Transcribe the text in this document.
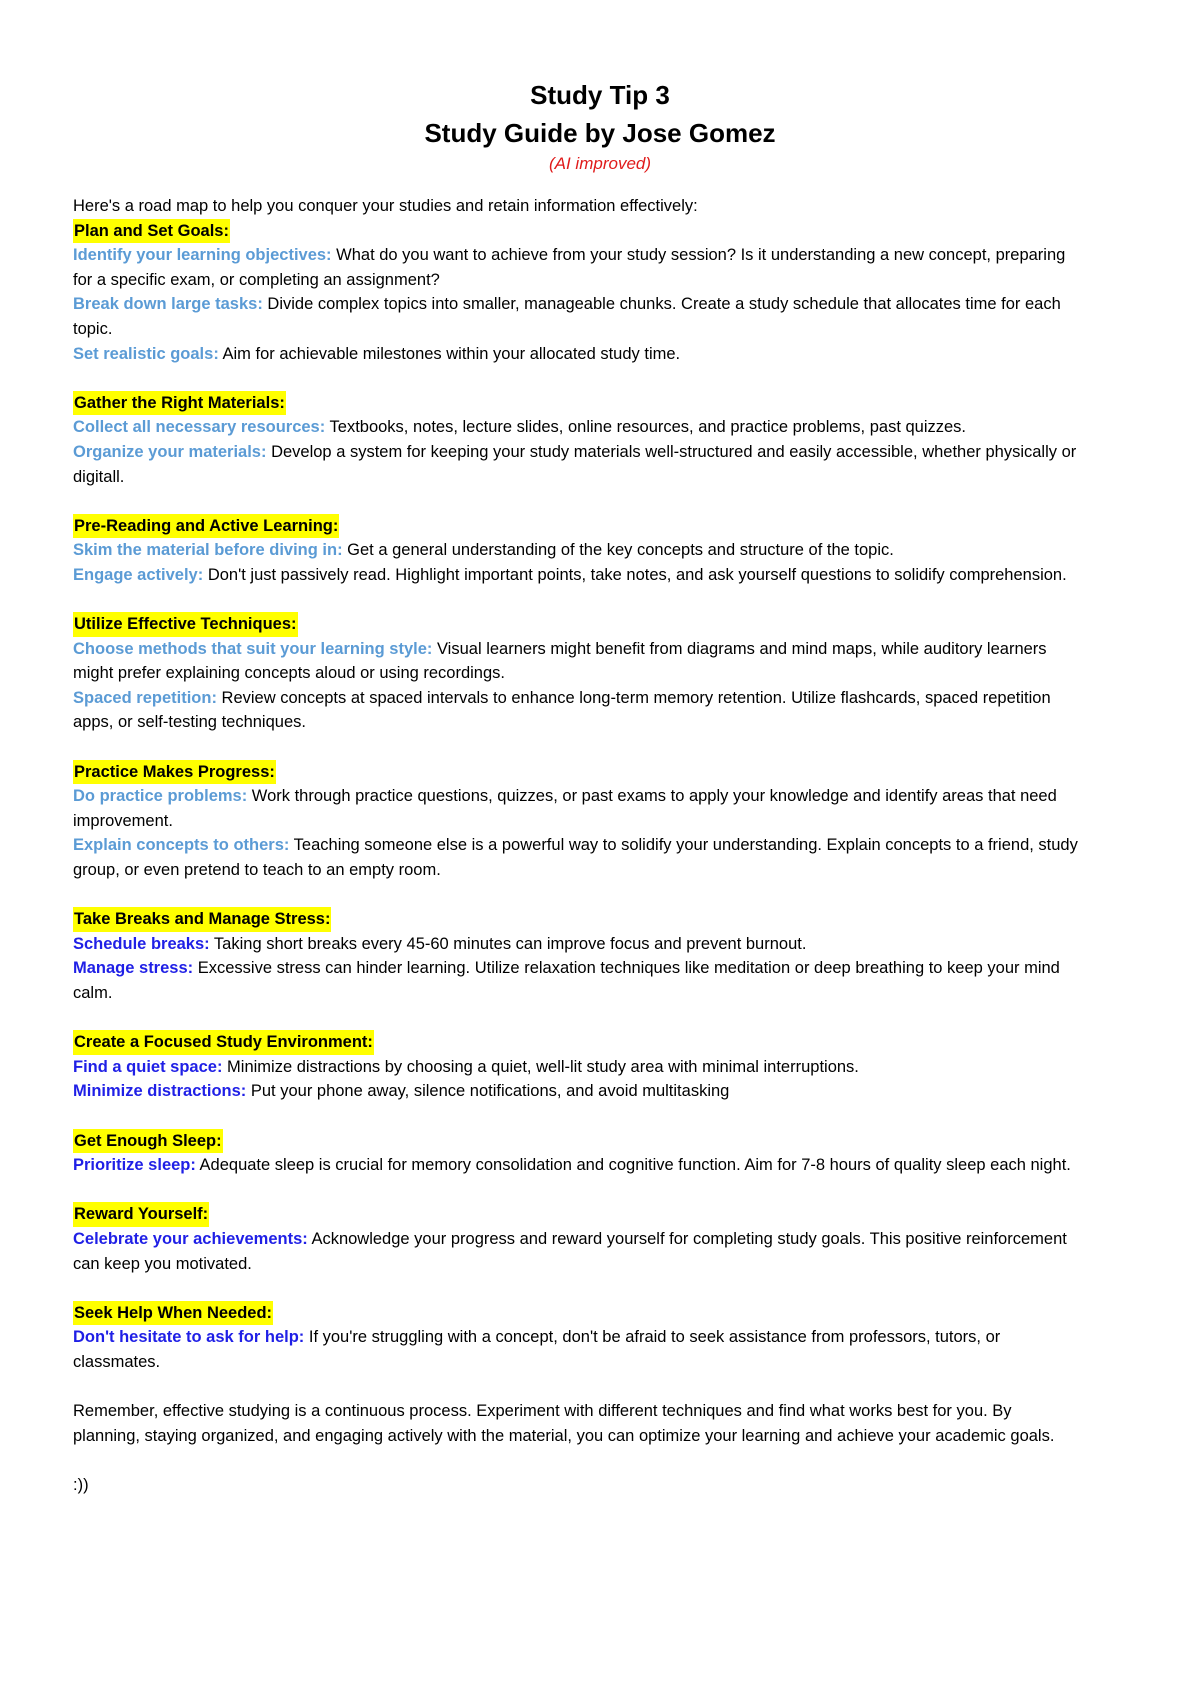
Study Tip 3

Study Guide by Jose Gomez

(AI improved)

Here's a road map to help you conquer your studies and retain information effectively:

Plan and Set Goals:

Identify your learning objectives: What do you want to achieve from your study session? Is it understanding a new concept, preparing for a specific exam, or completing an assignment?

Break down large tasks: Divide complex topics into smaller, manageable chunks. Create a study schedule that allocates time for each topic.

Set realistic goals: Aim for achievable milestones within your allocated study time.

Gather the Right Materials:

Collect all necessary resources: Textbooks, notes, lecture slides, online resources, and practice problems, past quizzes.

Organize your materials: Develop a system for keeping your study materials well-structured and easily accessible, whether physically or digitall.

Pre-Reading and Active Learning:

Skim the material before diving in: Get a general understanding of the key concepts and structure of the topic.

Engage actively: Don't just passively read. Highlight important points, take notes, and ask yourself questions to solidify comprehension.

Utilize Effective Techniques:

Choose methods that suit your learning style: Visual learners might benefit from diagrams and mind maps, while auditory learners might prefer explaining concepts aloud or using recordings.

Spaced repetition: Review concepts at spaced intervals to enhance long-term memory retention. Utilize flashcards, spaced repetition apps, or self-testing techniques.

Practice Makes Progress:

Do practice problems: Work through practice questions, quizzes, or past exams to apply your knowledge and identify areas that need improvement.

Explain concepts to others: Teaching someone else is a powerful way to solidify your understanding. Explain concepts to a friend, study group, or even pretend to teach to an empty room.

Take Breaks and Manage Stress:

Schedule breaks: Taking short breaks every 45-60 minutes can improve focus and prevent burnout.

Manage stress: Excessive stress can hinder learning. Utilize relaxation techniques like meditation or deep breathing to keep your mind calm.

Create a Focused Study Environment:

Find a quiet space: Minimize distractions by choosing a quiet, well-lit study area with minimal interruptions.

Minimize distractions: Put your phone away, silence notifications, and avoid multitasking

Get Enough Sleep:

Prioritize sleep: Adequate sleep is crucial for memory consolidation and cognitive function. Aim for 7-8 hours of quality sleep each night.

Reward Yourself:

Celebrate your achievements: Acknowledge your progress and reward yourself for completing study goals. This positive reinforcement can keep you motivated.

Seek Help When Needed:

Don't hesitate to ask for help: If you're struggling with a concept, don't be afraid to seek assistance from professors, tutors, or classmates.

Remember, effective studying is a continuous process. Experiment with different techniques and find what works best for you. By planning, staying organized, and engaging actively with the material, you can optimize your learning and achieve your academic goals.

:))
